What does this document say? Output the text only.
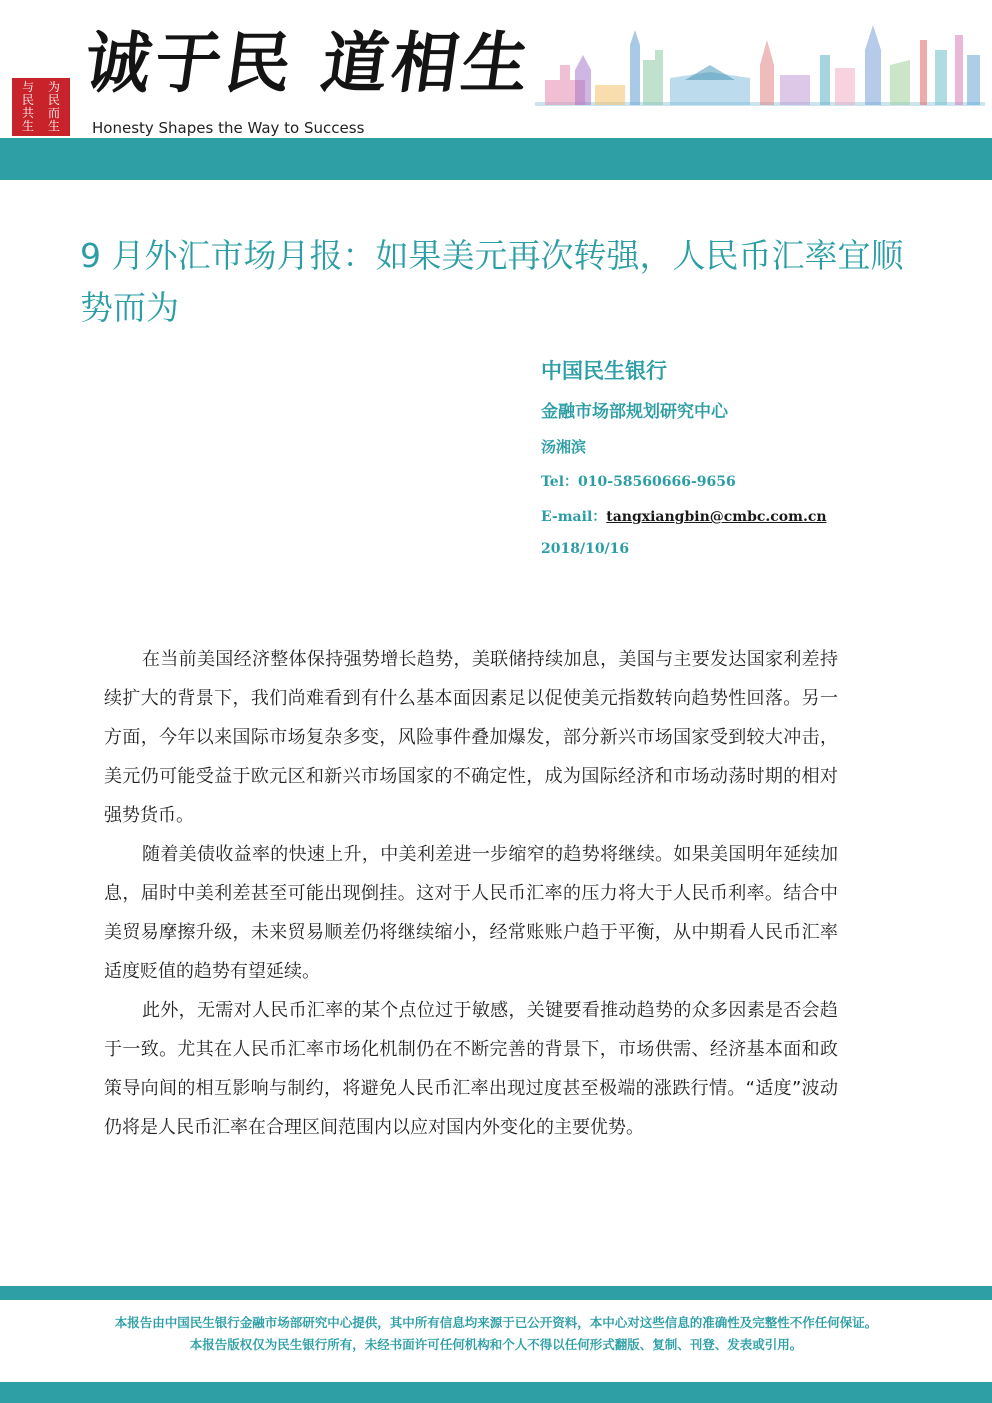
与	为
民	民
共	而
生	生
诚于民 道相生
Honesty Shapes the Way to Success
9 月外汇市场月报：如果美元再次转强，人民币汇率宜顺势而为
中国民生银行
金融市场部规划研究中心
汤湘滨
Tel：010-58560666-9656
E-mail：tangxiangbin@cmbc.com.cn
2018/10/16

在当前美国经济整体保持强势增长趋势，美联储持续加息，美国与主要发达国家利差持续扩大的背景下，我们尚难看到有什么基本面因素足以促使美元指数转向趋势性回落。另一方面，今年以来国际市场复杂多变，风险事件叠加爆发，部分新兴市场国家受到较大冲击，美元仍可能受益于欧元区和新兴市场国家的不确定性，成为国际经济和市场动荡时期的相对强势货币。

随着美债收益率的快速上升，中美利差进一步缩窄的趋势将继续。如果美国明年延续加息，届时中美利差甚至可能出现倒挂。这对于人民币汇率的压力将大于人民币利率。结合中美贸易摩擦升级，未来贸易顺差仍将继续缩小，经常账账户趋于平衡，从中期看人民币汇率适度贬值的趋势有望延续。

此外，无需对人民币汇率的某个点位过于敏感，关键要看推动趋势的众多因素是否会趋于一致。尤其在人民币汇率市场化机制仍在不断完善的背景下，市场供需、经济基本面和政策导向间的相互影响与制约，将避免人民币汇率出现过度甚至极端的涨跌行情。“适度”波动仍将是人民币汇率在合理区间范围内以应对国内外变化的主要优势。

本报告由中国民生银行金融市场部研究中心提供，其中所有信息均来源于已公开资料，本中心对这些信息的准确性及完整性不作任何保证。
本报告版权仅为民生银行所有，未经书面许可任何机构和个人不得以任何形式翻版、复制、刊登、发表或引用。
